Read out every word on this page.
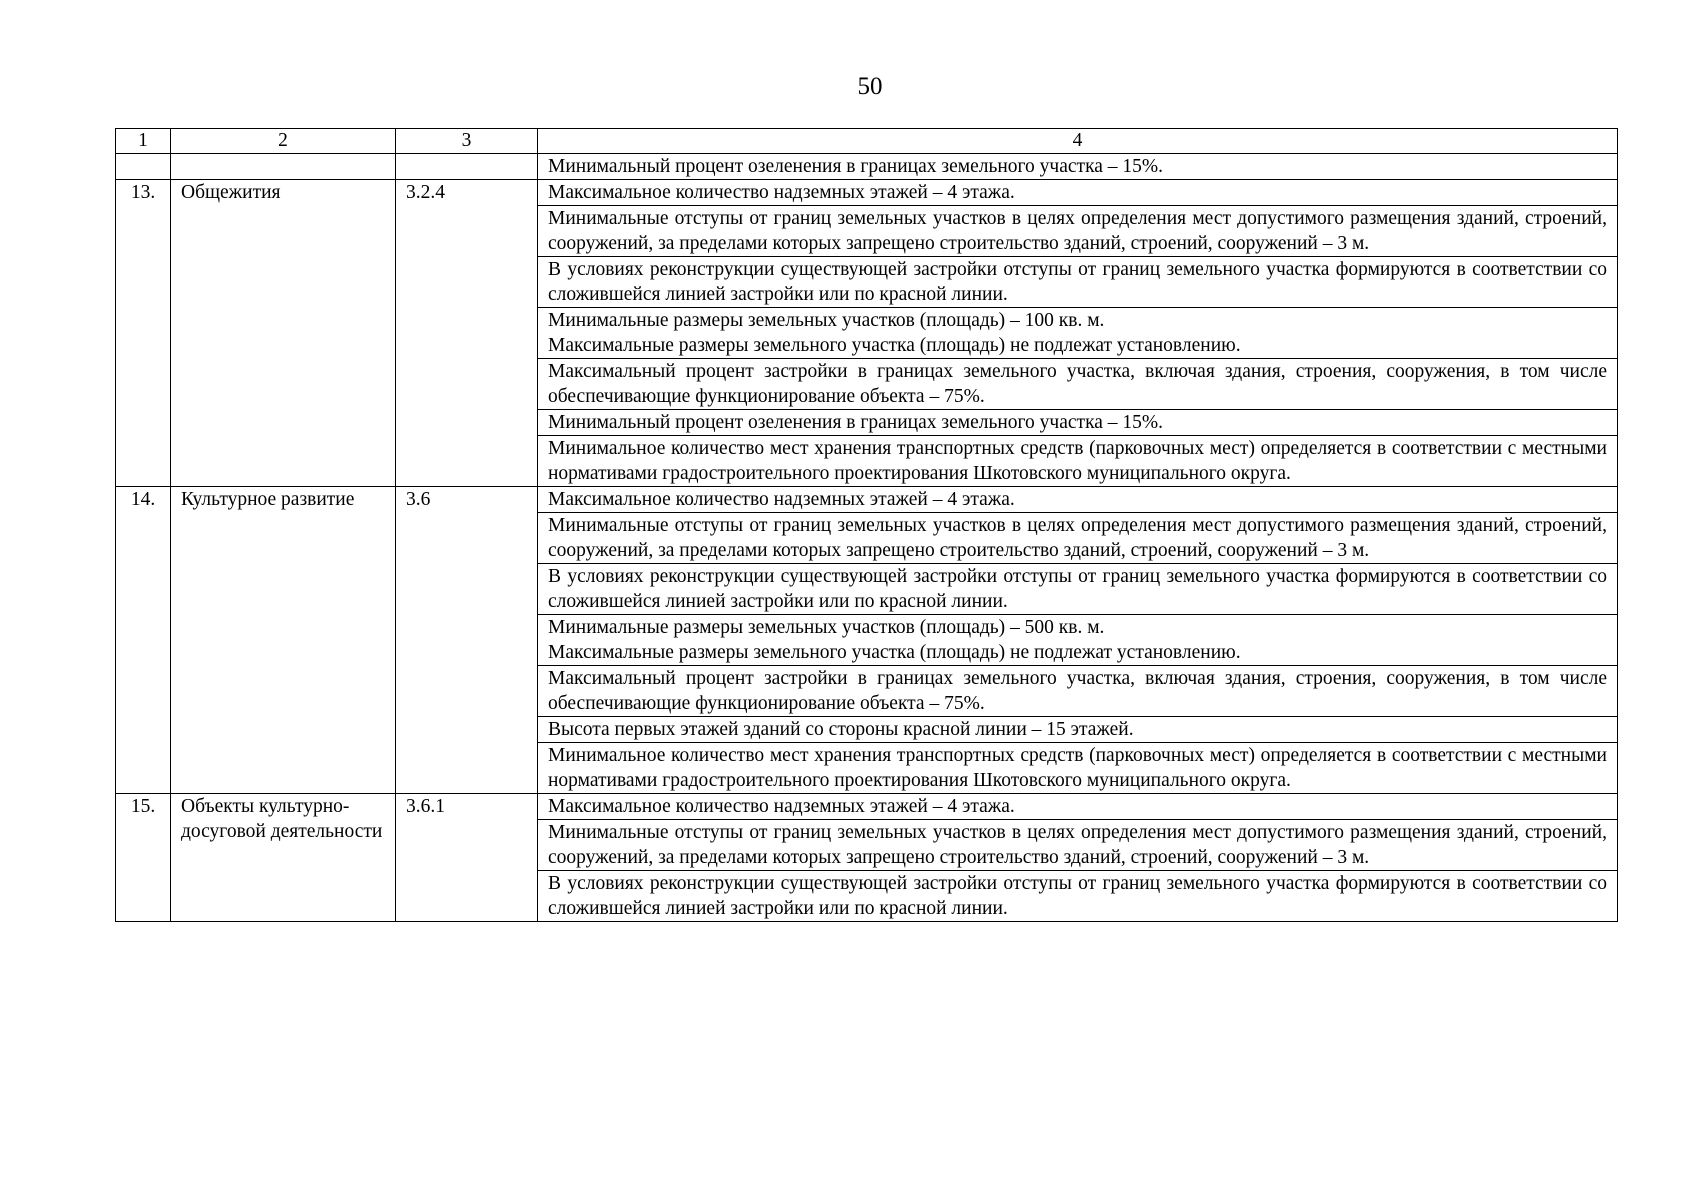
50
1	2	3	4

			Минимальный процент озеленения в границах земельного участка – 15%.

13.	Общежития	3.2.4	Максимальное количество надземных этажей – 4 этажа.

			Минимальные отступы от границ земельных участков в целях определения мест допустимого размещения зданий, строений, сооружений, за пределами которых запрещено строительство зданий, строений, сооружений – 3 м.

			В условиях реконструкции существующей застройки отступы от границ земельного участка формируются в соответствии со сложившейся линией застройки или по красной линии.

			Минимальные размеры земельных участков (площадь) – 100 кв. м.
Максимальные размеры земельного участка (площадь) не подлежат установлению.

			Максимальный процент застройки в границах земельного участка, включая здания, строения, сооружения, в том числе обеспечивающие функционирование объекта – 75%.

			Минимальный процент озеленения в границах земельного участка – 15%.

			Минимальное количество мест хранения транспортных средств (парковочных мест) определяется в соответствии с местными нормативами градостроительного проектирования Шкотовского муниципального округа.

14.	Культурное развитие	3.6	Максимальное количество надземных этажей – 4 этажа.

			Минимальные отступы от границ земельных участков в целях определения мест допустимого размещения зданий, строений, сооружений, за пределами которых запрещено строительство зданий, строений, сооружений – 3 м.

			В условиях реконструкции существующей застройки отступы от границ земельного участка формируются в соответствии со сложившейся линией застройки или по красной линии.

			Минимальные размеры земельных участков (площадь) – 500 кв. м.
Максимальные размеры земельного участка (площадь) не подлежат установлению.

			Максимальный процент застройки в границах земельного участка, включая здания, строения, сооружения, в том числе обеспечивающие функционирование объекта – 75%.

			Высота первых этажей зданий со стороны красной линии – 15 этажей.

			Минимальное количество мест хранения транспортных средств (парковочных мест) определяется в соответствии с местными нормативами градостроительного проектирования Шкотовского муниципального округа.

15.	Объекты культурно-досуговой деятельности	3.6.1	Максимальное количество надземных этажей – 4 этажа.

			Минимальные отступы от границ земельных участков в целях определения мест допустимого размещения зданий, строений, сооружений, за пределами которых запрещено строительство зданий, строений, сооружений – 3 м.

			В условиях реконструкции существующей застройки отступы от границ земельного участка формируются в соответствии со сложившейся линией застройки или по красной линии.
